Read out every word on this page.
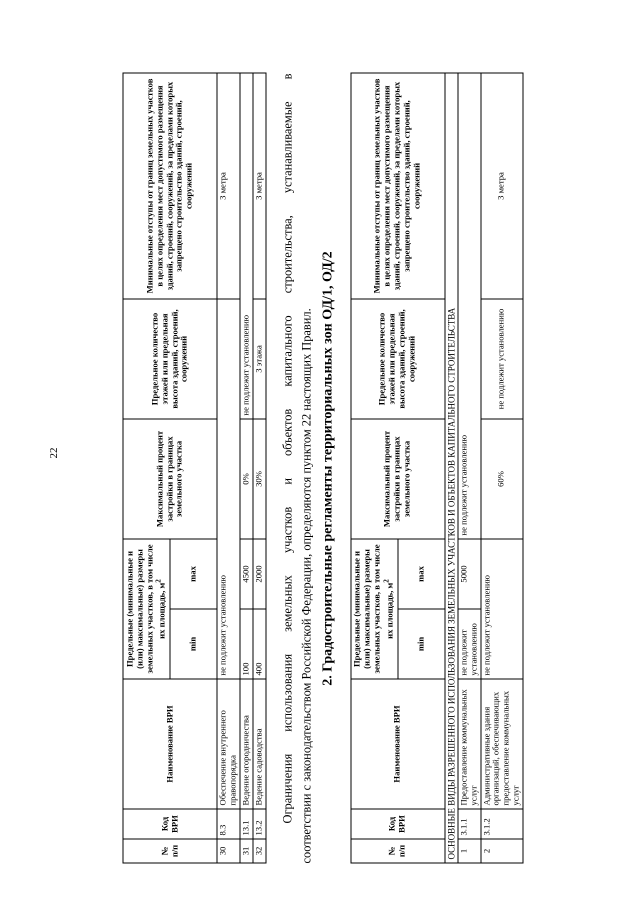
22
№ п/п	Код ВРИ	Наименование ВРИ	Предельные (минимальные и (или) максимальные) размеры земельных участков, в том числе их площадь, $м^2$		Максимальный процент застройки в границах земельного участка	Предельное количество этажей или предельная высота зданий, строений, сооружений	Минимальные отступы от границ земельных участков в целях определения мест допустимого размещения зданий, строений, сооружений, за пределами которых запрещено строительство зданий, строений, сооружений
			min	max			
30	8.3	Обеспечение внутреннего правопорядка	не подлежит установлению				3 метра
31	13.1	Ведение огородничества	100	4500	0%	не подлежит установлению	
32	13.2	Ведение садоводства	400	2000	30%	3 этажа	3 метра Ограничения использования земельных участков и объектов капитального строительства, устанавливаемые в соответствии с законодательством Российской Федерации, определяются пунктом 22 настоящих Правил. 2. Градостроительные регламенты территориальных зон ОД/1, ОД/2
№ п/п	Код ВРИ	Наименование ВРИ	Предельные (минимальные и (или) максимальные) размеры земельных участков, в том числе их площадь, $м^2$		Максимальный процент застройки в границах земельного участка	Предельное количество этажей или предельная высота зданий, строений, сооружений	Минимальные отступы от границ земельных участков в целях определения мест допустимого размещения зданий, строений, сооружений, за пределами которых запрещено строительство зданий, строений, сооружений
			min	max			
ОСНОВНЫЕ ВИДЫ РАЗРЕШЕННОГО ИСПОЛЬЗОВАНИЯ ЗЕМЕЛЬНЫХ УЧАСТКОВ И ОБЪЕКТОВ КАПИТАЛЬНОГО СТРОИТЕЛЬСТВА							
1	3.1.1	Предоставление коммунальных услуг	не подлежит установлению	5000	не подлежит установлению		
2	3.1.2	Административные здания организаций, обеспечивающих предоставление коммунальных услуг	не подлежит установлению		60%	не подлежит установлению	3 метра
